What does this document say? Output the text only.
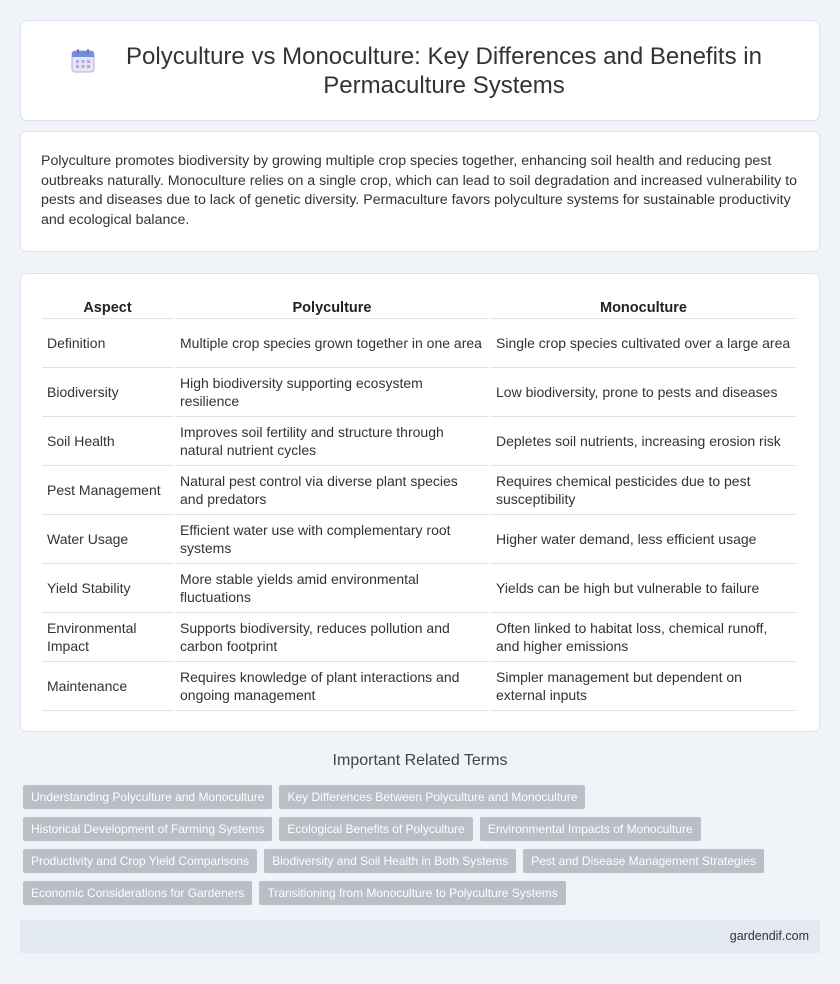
Polyculture vs Monoculture: Key Differences and Benefits in Permaculture Systems

Polyculture promotes biodiversity by growing multiple crop species together, enhancing soil health and reducing pest outbreaks naturally. Monoculture relies on a single crop, which can lead to soil degradation and increased vulnerability to pests and diseases due to lack of genetic diversity. Permaculture favors polyculture systems for sustainable productivity and ecological balance.

Aspect	Polyculture	Monoculture
Definition	Multiple crop species grown together in one area	Single crop species cultivated over a large area
Biodiversity	High biodiversity supporting ecosystem resilience	Low biodiversity, prone to pests and diseases
Soil Health	Improves soil fertility and structure through natural nutrient cycles	Depletes soil nutrients, increasing erosion risk
Pest Management	Natural pest control via diverse plant species and predators	Requires chemical pesticides due to pest susceptibility
Water Usage	Efficient water use with complementary root systems	Higher water demand, less efficient usage
Yield Stability	More stable yields amid environmental fluctuations	Yields can be high but vulnerable to failure
Environmental Impact	Supports biodiversity, reduces pollution and carbon footprint	Often linked to habitat loss, chemical runoff, and higher emissions
Maintenance	Requires knowledge of plant interactions and ongoing management	Simpler management but dependent on external inputs
Important Related Terms
Understanding Polyculture and Monoculture	Key Differences Between Polyculture and Monoculture
Historical Development of Farming Systems	Ecological Benefits of Polyculture	Environmental Impacts of Monoculture
Productivity and Crop Yield Comparisons	Biodiversity and Soil Health in Both Systems	Pest and Disease Management Strategies
Economic Considerations for Gardeners	Transitioning from Monoculture to Polyculture Systems
gardendif.com
